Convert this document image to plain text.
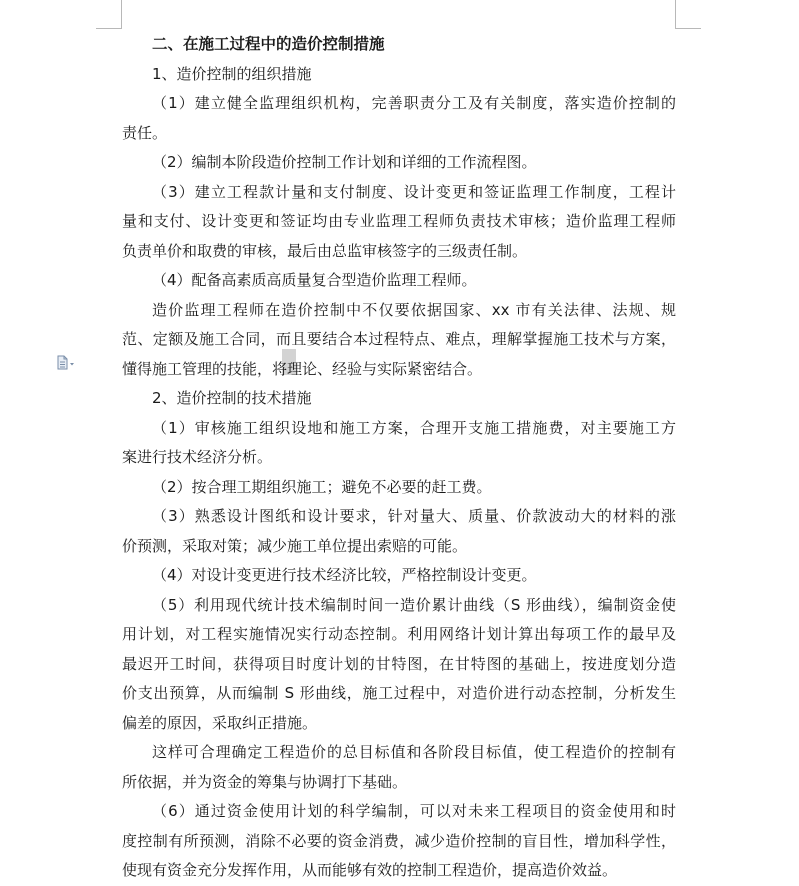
二、在施工过程中的造价控制措施
1、造价控制的组织措施
（1）建立健全监理组织机构，完善职责分工及有关制度，落实造价控制的
责任。
（2）编制本阶段造价控制工作计划和详细的工作流程图。
（3）建立工程款计量和支付制度、设计变更和签证监理工作制度，工程计
量和支付、设计变更和签证均由专业监理工程师负责技术审核；造价监理工程师
负责单价和取费的审核，最后由总监审核签字的三级责任制。
（4）配备高素质高质量复合型造价监理工程师。
造价监理工程师在造价控制中不仅要依据国家、xx 市有关法律、法规、规
范、定额及施工合同，而且要结合本过程特点、难点，理解掌握施工技术与方案，
懂得施工管理的技能，将理论、经验与实际紧密结合。
2、造价控制的技术措施
（1）审核施工组织设地和施工方案，合理开支施工措施费，对主要施工方
案进行技术经济分析。
（2）按合理工期组织施工；避免不必要的赶工费。
（3）熟悉设计图纸和设计要求，针对量大、质量、价款波动大的材料的涨
价预测，采取对策；减少施工单位提出索赔的可能。
（4）对设计变更进行技术经济比较，严格控制设计变更。
（5）利用现代统计技术编制时间一造价累计曲线（S 形曲线），编制资金使
用计划，对工程实施情况实行动态控制。利用网络计划计算出每项工作的最早及
最迟开工时间，获得项目时度计划的甘特图，在甘特图的基础上，按进度划分造
价支出预算，从而编制 S 形曲线，施工过程中，对造价进行动态控制，分析发生
偏差的原因，采取纠正措施。
这样可合理确定工程造价的总目标值和各阶段目标值，使工程造价的控制有
所依据，并为资金的筹集与协调打下基础。
（6）通过资金使用计划的科学编制，可以对未来工程项目的资金使用和时
度控制有所预测，消除不必要的资金消费，减少造价控制的盲目性，增加科学性，
使现有资金充分发挥作用，从而能够有效的控制工程造价，提高造价效益。
